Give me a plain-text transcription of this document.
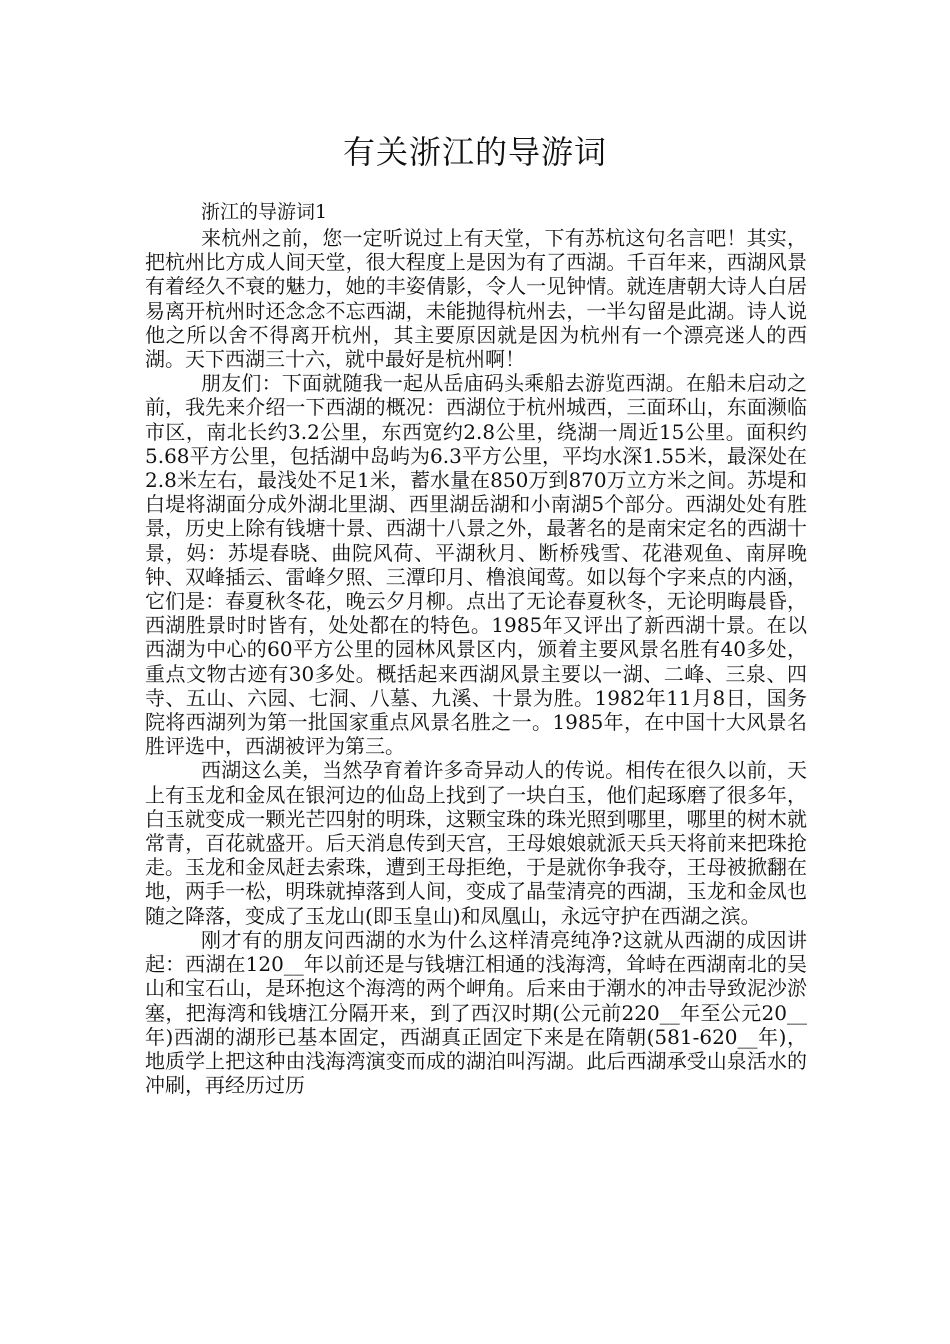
有关浙江的导游词

浙江的导游词1

来杭州之前，您一定听说过上有天堂，下有苏杭这句名言吧！其实，把杭州比方成人间天堂，很大程度上是因为有了西湖。千百年来，西湖风景有着经久不衰的魅力，她的丰姿倩影，令人一见钟情。就连唐朝大诗人白居易离开杭州时还念念不忘西湖，未能抛得杭州去，一半勾留是此湖。诗人说他之所以舍不得离开杭州，其主要原因就是因为杭州有一个漂亮迷人的西湖。天下西湖三十六，就中最好是杭州啊！

朋友们：下面就随我一起从岳庙码头乘船去游览西湖。在船未启动之前，我先来介绍一下西湖的概况：西湖位于杭州城西，三面环山，东面濒临市区，南北长约3.2公里，东西宽约2.8公里，绕湖一周近15公里。面积约5.68平方公里，包括湖中岛屿为6.3平方公里，平均水深1.55米，最深处在2.8米左右，最浅处不足1米，蓄水量在850万到870万立方米之间。苏堤和白堤将湖面分成外湖北里湖、西里湖岳湖和小南湖5个部分。西湖处处有胜景，历史上除有钱塘十景、西湖十八景之外，最著名的是南宋定名的西湖十景，妈：苏堤春晓、曲院风荷、平湖秋月、断桥残雪、花港观鱼、南屏晚钟、双峰插云、雷峰夕照、三潭印月、橹浪闻莺。如以每个字来点的内涵，它们是：春夏秋冬花，晚云夕月柳。点出了无论春夏秋冬，无论明晦晨昏，西湖胜景时时皆有，处处都在的特色。1985年又评出了新西湖十景。在以西湖为中心的60平方公里的园林风景区内，颁着主要风景名胜有40多处，重点文物古迹有30多处。概括起来西湖风景主要以一湖、二峰、三泉、四寺、五山、六园、七洞、八墓、九溪、十景为胜。1982年11月8日，国务院将西湖列为第一批国家重点风景名胜之一。1985年，在中国十大风景名胜评选中，西湖被评为第三。

西湖这么美，当然孕育着许多奇异动人的传说。相传在很久以前，天上有玉龙和金凤在银河边的仙岛上找到了一块白玉，他们起琢磨了很多年，白玉就变成一颗光芒四射的明珠，这颗宝珠的珠光照到哪里，哪里的树木就常青，百花就盛开。后天消息传到天宫，王母娘娘就派天兵天将前来把珠抢走。玉龙和金凤赶去索珠，遭到王母拒绝，于是就你争我夺，王母被掀翻在地，两手一松，明珠就掉落到人间，变成了晶莹清亮的西湖，玉龙和金凤也随之降落，变成了玉龙山(即玉皇山)和凤凰山，永远守护在西湖之滨。

刚才有的朋友问西湖的水为什么这样清亮纯净?这就从西湖的成因讲起：西湖在120__年以前还是与钱塘江相通的浅海湾，耸峙在西湖南北的吴山和宝石山，是环抱这个海湾的两个岬角。后来由于潮水的冲击导致泥沙淤塞，把海湾和钱塘江分隔开来，到了西汉时期(公元前220__年至公元20__年)西湖的湖形已基本固定，西湖真正固定下来是在隋朝(581-620__年)，地质学上把这种由浅海湾演变而成的湖泊叫泻湖。此后西湖承受山泉活水的冲刷，再经历过历
